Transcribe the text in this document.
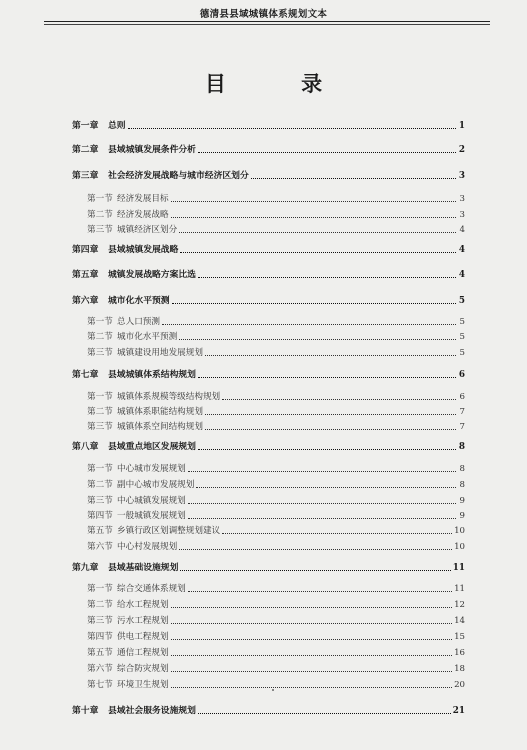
德清县县域城镇体系规划文本
目 录
第一章	总则	1
第二章	县域城镇发展条件分析	2
第三章	社会经济发展战略与城市经济区划分	3
第一节 经济发展目标	3
第二节 经济发展战略	3
第三节 城镇经济区划分	4
第四章	县域城镇发展战略	4
第五章	城镇发展战略方案比选	4
第六章	城市化水平预测	5
第一节 总人口预测	5
第二节 城市化水平预测	5
第三节 城镇建设用地发展规划	5
第七章	县域城镇体系结构规划	6
第一节 城镇体系规模等级结构规划	6
第二节 城镇体系职能结构规划	7
第三节 城镇体系空间结构规划	7
第八章	县域重点地区发展规划	8
第一节 中心城市发展规划	8
第二节 副中心城市发展规划	8
第三节 中心城镇发展规划	9
第四节 一般城镇发展规划	9
第五节 乡镇行政区划调整规划建议	10
第六节 中心村发展规划	10
第九章	县域基础设施规划	11
第一节 综合交通体系规划	11
第二节 给水工程规划	12
第三节 污水工程规划	14
第四节 供电工程规划	15
第五节 通信工程规划	16
第六节 综合防灾规划	18
第七节 环境卫生规划	20
第十章	县域社会服务设施规划	21
